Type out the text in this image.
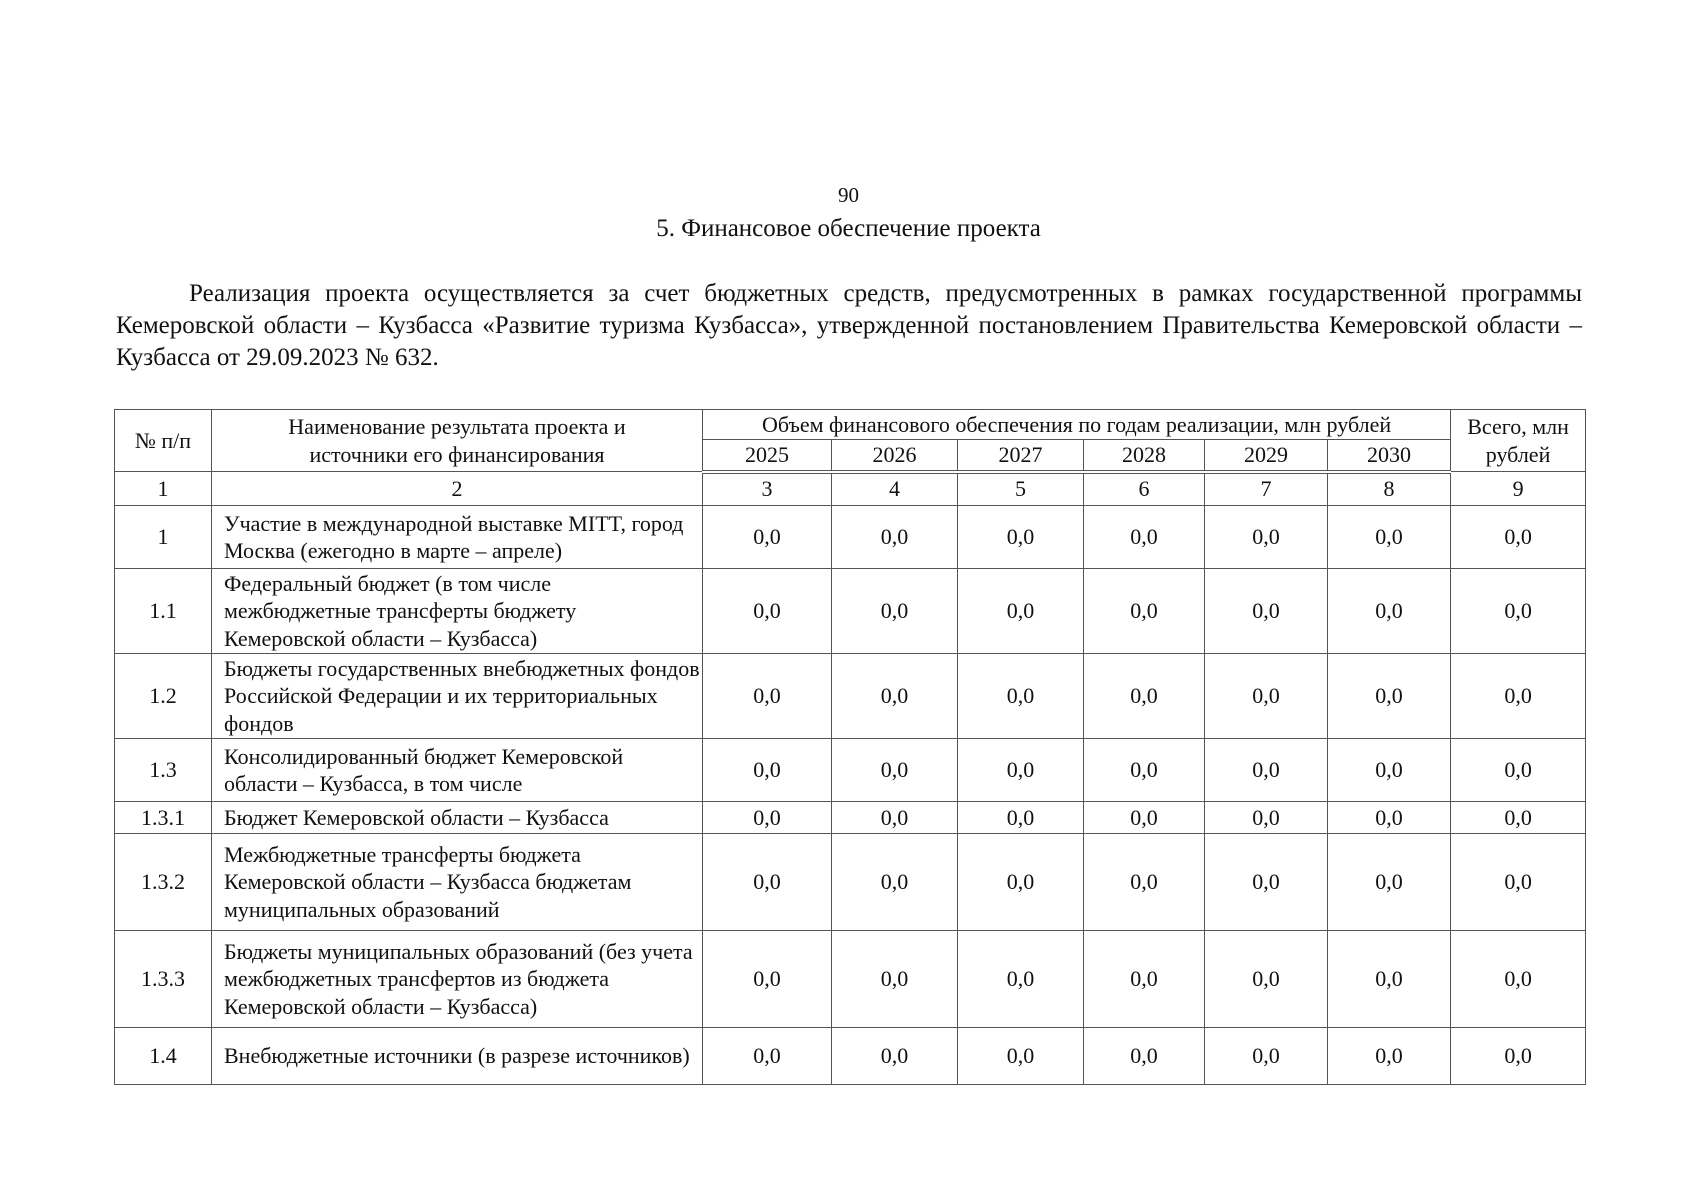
90
5. Финансовое обеспечение проекта

Реализация проекта осуществляется за счет бюджетных средств, предусмотренных в рамках государственной программы Кемеровской области – Кузбасса «Развитие туризма Кузбасса», утвержденной постановлением Правительства Кемеровской области – Кузбасса от 29.09.2023 № 632.

№ п/п	Наименование результата проекта и источники его финансирования	Объем финансового обеспечения по годам реализации, млн рублей						Всего, млн рублей
		2025	2026	2027	2028	2029	2030	
1	2	3	4	5	6	7	8	9
1	Участие в международной выставке MITT, город Москва (ежегодно в марте – апреле)	0,0	0,0	0,0	0,0	0,0	0,0	0,0
1.1	Федеральный бюджет (в том числе межбюджетные трансферты бюджету Кемеровской области – Кузбасса)	0,0	0,0	0,0	0,0	0,0	0,0	0,0
1.2	Бюджеты государственных внебюджетных фондов Российской Федерации и их территориальных фондов	0,0	0,0	0,0	0,0	0,0	0,0	0,0
1.3	Консолидированный бюджет Кемеровской области – Кузбасса, в том числе	0,0	0,0	0,0	0,0	0,0	0,0	0,0
1.3.1	Бюджет Кемеровской области – Кузбасса	0,0	0,0	0,0	0,0	0,0	0,0	0,0
1.3.2	Межбюджетные трансферты бюджета Кемеровской области – Кузбасса бюджетам муниципальных образований	0,0	0,0	0,0	0,0	0,0	0,0	0,0
1.3.3	Бюджеты муниципальных образований (без учета межбюджетных трансфертов из бюджета Кемеровской области – Кузбасса)	0,0	0,0	0,0	0,0	0,0	0,0	0,0
1.4	Внебюджетные источники (в разрезе источников)	0,0	0,0	0,0	0,0	0,0	0,0	0,0
